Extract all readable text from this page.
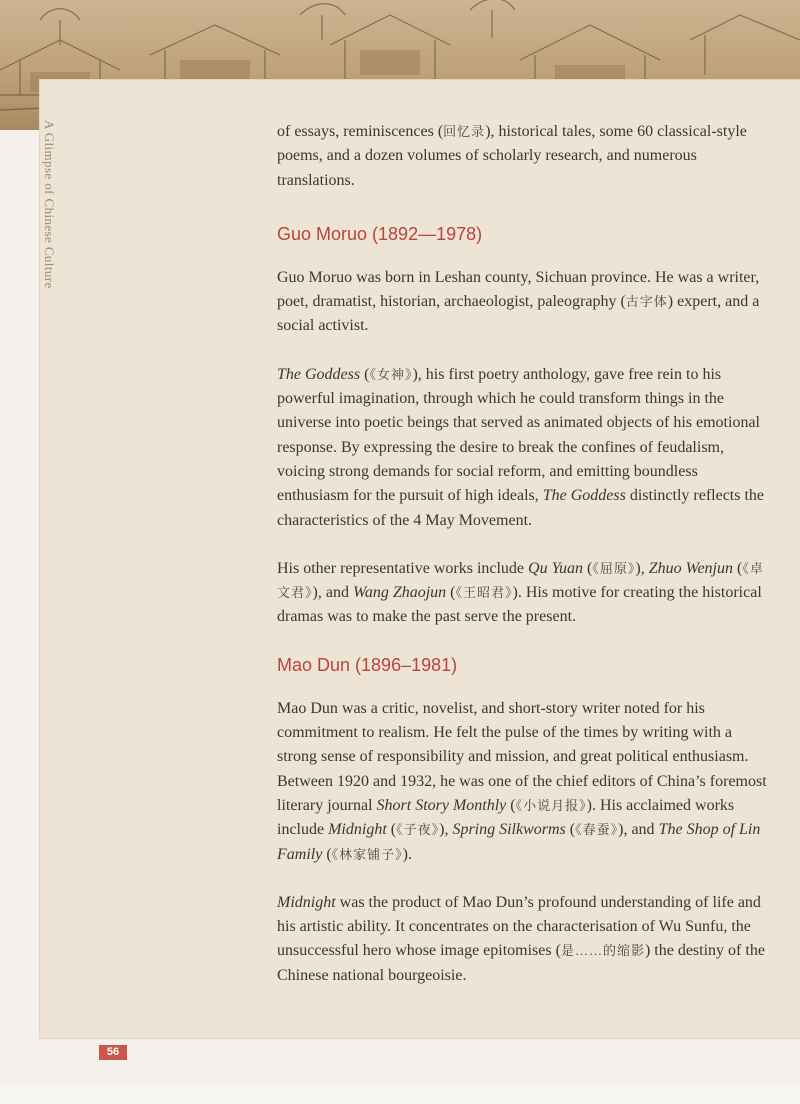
A Glimpse of Chinese Culture	of essays, reminiscences (回忆录), historical tales, some 60 classical-style poems, and a dozen volumes of scholarly research, and numerous translations.

Guo Moruo (1892—1978)

Guo Moruo was born in Leshan county, Sichuan province. He was a writer, poet, dramatist, historian, archaeologist, paleography (古字体) expert, and a social activist.

The Goddess (《女神》), his first poetry anthology, gave free rein to his powerful imagination, through which he could transform things in the universe into poetic beings that served as animated objects of his emotional response. By expressing the desire to break the confines of feudalism, voicing strong demands for social reform, and emitting boundless enthusiasm for the pursuit of high ideals, The Goddess distinctly reflects the characteristics of the 4 May Movement.

His other representative works include Qu Yuan (《屈原》), Zhuo Wenjun (《卓文君》), and Wang Zhaojun (《王昭君》). His motive for creating the historical dramas was to make the past serve the present.

Mao Dun (1896–1981)

Mao Dun was a critic, novelist, and short-story writer noted for his commitment to realism. He felt the pulse of the times by writing with a strong sense of responsibility and mission, and great political enthusiasm. Between 1920 and 1932, he was one of the chief editors of China’s foremost literary journal Short Story Monthly (《小说月报》). His acclaimed works include Midnight (《子夜》), Spring Silkworms (《春蚕》), and The Shop of Lin Family (《林家铺子》).

Midnight was the product of Mao Dun’s profound understanding of life and his artistic ability. It concentrates on the characterisation of Wu Sunfu, the unsuccessful hero whose image epitomises (是……的缩影) the destiny of the Chinese national bourgeoisie.

56
